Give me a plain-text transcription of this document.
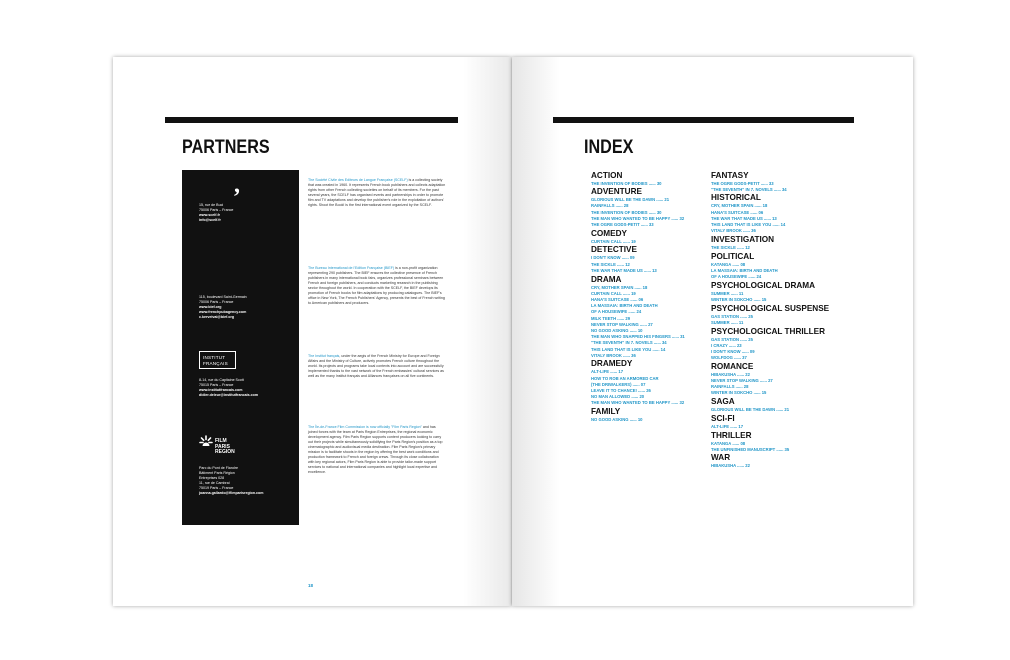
PARTNERS
,
15, rue de Buci
75006 Paris – France
www.scelf.fr
info@scelf.fr
115, boulevard Saint-Germain
75006 Paris – France
www.bief.org
www.frenchpubagency.com
c.kerveivai@bief.org
INSTITUT
FRANÇAIS
8-14, rue du Capitaine Scott
75015 Paris – France
www.institutfrancais.com
didier.deleur@institutfrancais.com
FILM
PARIS
REGION
Parc du Pont de Flandre
Bâtiment Paris Région
Entreprises 028
11, rue de Cambrai
75019 Paris – France
joanna.gallardo@filmparisregion.com
The Société Civile des Editeurs de Langue Française (SCELF) is a collecting society that was created in 1960. It represents French book publishers and collects adaptation rights from other French collecting societies on behalf of its members. For the past several years, the SCELF has organised events and partnerships in order to promote film and TV adaptations and develop the publisher's role in the exploitation of authors' rights. Shoot the Book! is the first international event organized by the SCELF.
The Bureau International de l'Edition Française (BIEF) is a non-profit organization representing 290 publishers. The BIEF ensures the collective presence of French publishers in many international book fairs, organizes professional seminars between French and foreign publishers, and conducts marketing research in the publishing sector throughout the world. In cooperation with the SCELF, the BIEF develops its promotion of French books for film adaptations by producing catalogues. The BIEF's office in New York, The French Publishers' Agency, presents the best of French writing to American publishers and producers.
The Institut français, under the aegis of the French Ministry for Europe and Foreign Affairs and the Ministry of Culture, actively promotes French culture throughout the world. Its projects and programs take local contexts into account and are successfully implemented thanks to the vast network of the French embassies' cultural services as well as the many Institut français and Alliances françaises on all five continents.
The Île-de-France Film Commission is now officially "Film Paris Region" and has joined forces with the team at Paris Region Entreprises, the regional economic development agency. Film Paris Region supports content producers looking to carry out their projects while simultaneously solidifying the Paris Region's position as a top cinematographic and audiovisual media destination. Film Paris Region's primary mission is to facilitate shoots in the region by offering the best work conditions and production framework to French and foreign crews. Through its close collaboration with key regional actors, Film Paris Region is able to provide tailor-made support services to national and international companies and highlight local expertise and excellence.
18
INDEX
ACTION
THE INVENTION OF BODIES ...... 30
ADVENTURE
GLORIOUS WILL BE THE DAWN ...... 21
RAINFALLS ...... 28
THE INVENTION OF BODIES ...... 30
THE MAN WHO WANTED TO BE HAPPY ...... 32
THE OGRE GODS-PETIT ...... 33
COMEDY
CURTAIN CALL ...... 19
DETECTIVE
I DON'T KNOW ...... 09
THE SICKLE ...... 12
THE WAR THAT MADE US ...... 13
DRAMA
CRY, MOTHER SPAIN ...... 18
CURTAIN CALL ...... 19
HANA'S SUITCASE ...... 06
LA MASSAIA: BIRTH AND DEATH
OF A HOUSEWIFE ...... 24
MILK TEETH ...... 29
NEVER STOP WALKING ...... 27
NO GOOD ASKING ...... 10
THE MAN WHO SNAPPED HIS FINGERS ...... 31
"THE SEVENTH" IN 7. NOVELS ...... 34
THIS LAND THAT IS LIKE YOU ...... 14
VITALY BROOK ...... 36
DRAMEDY
ALT-LIFE ...... 17
HOW TO ROB AN ARMORED CAR
(THE DRIWALKERS) ...... 07
LEAVE IT TO CHANCE! ...... 26
NO MAN ALLOWED ...... 20
THE MAN WHO WANTED TO BE HAPPY ...... 32
FAMILY
NO GOOD ASKING ...... 10
FANTASY
THE OGRE GODS-PETIT ...... 33
"THE SEVENTH" IN 7. NOVELS ...... 34
HISTORICAL
CRY, MOTHER SPAIN ...... 18
HANA'S SUITCASE ...... 06
THE WAR THAT MADE US ...... 13
THIS LAND THAT IS LIKE YOU ...... 14
VITALY BROOK ...... 36
INVESTIGATION
THE SICKLE ...... 12
POLITICAL
KATANGA ...... 08
LA MASSAIA: BIRTH AND DEATH
OF A HOUSEWIFE ...... 24
PSYCHOLOGICAL DRAMA
SUMMER ...... 11
WINTER IN SOKCHO ...... 15
PSYCHOLOGICAL SUSPENSE
GAS STATION ...... 25
SUMMER ...... 11
PSYCHOLOGICAL THRILLER
GAS STATION ...... 25
I CRAZY ...... 23
I DON'T KNOW ...... 09
WOLFDOG ...... 37
ROMANCE
HIBAKUSHA ...... 22
NEVER STOP WALKING ...... 27
RAINFALLS ...... 28
WINTER IN SOKCHO ...... 15
SAGA
GLORIOUS WILL BE THE DAWN ...... 21
SCI-FI
ALT-LIFE ...... 17
THRILLER
KATANGA ...... 08
THE UNFINISHED MANUSCRIPT ...... 35
WAR
HIBAKUSHA ...... 22
